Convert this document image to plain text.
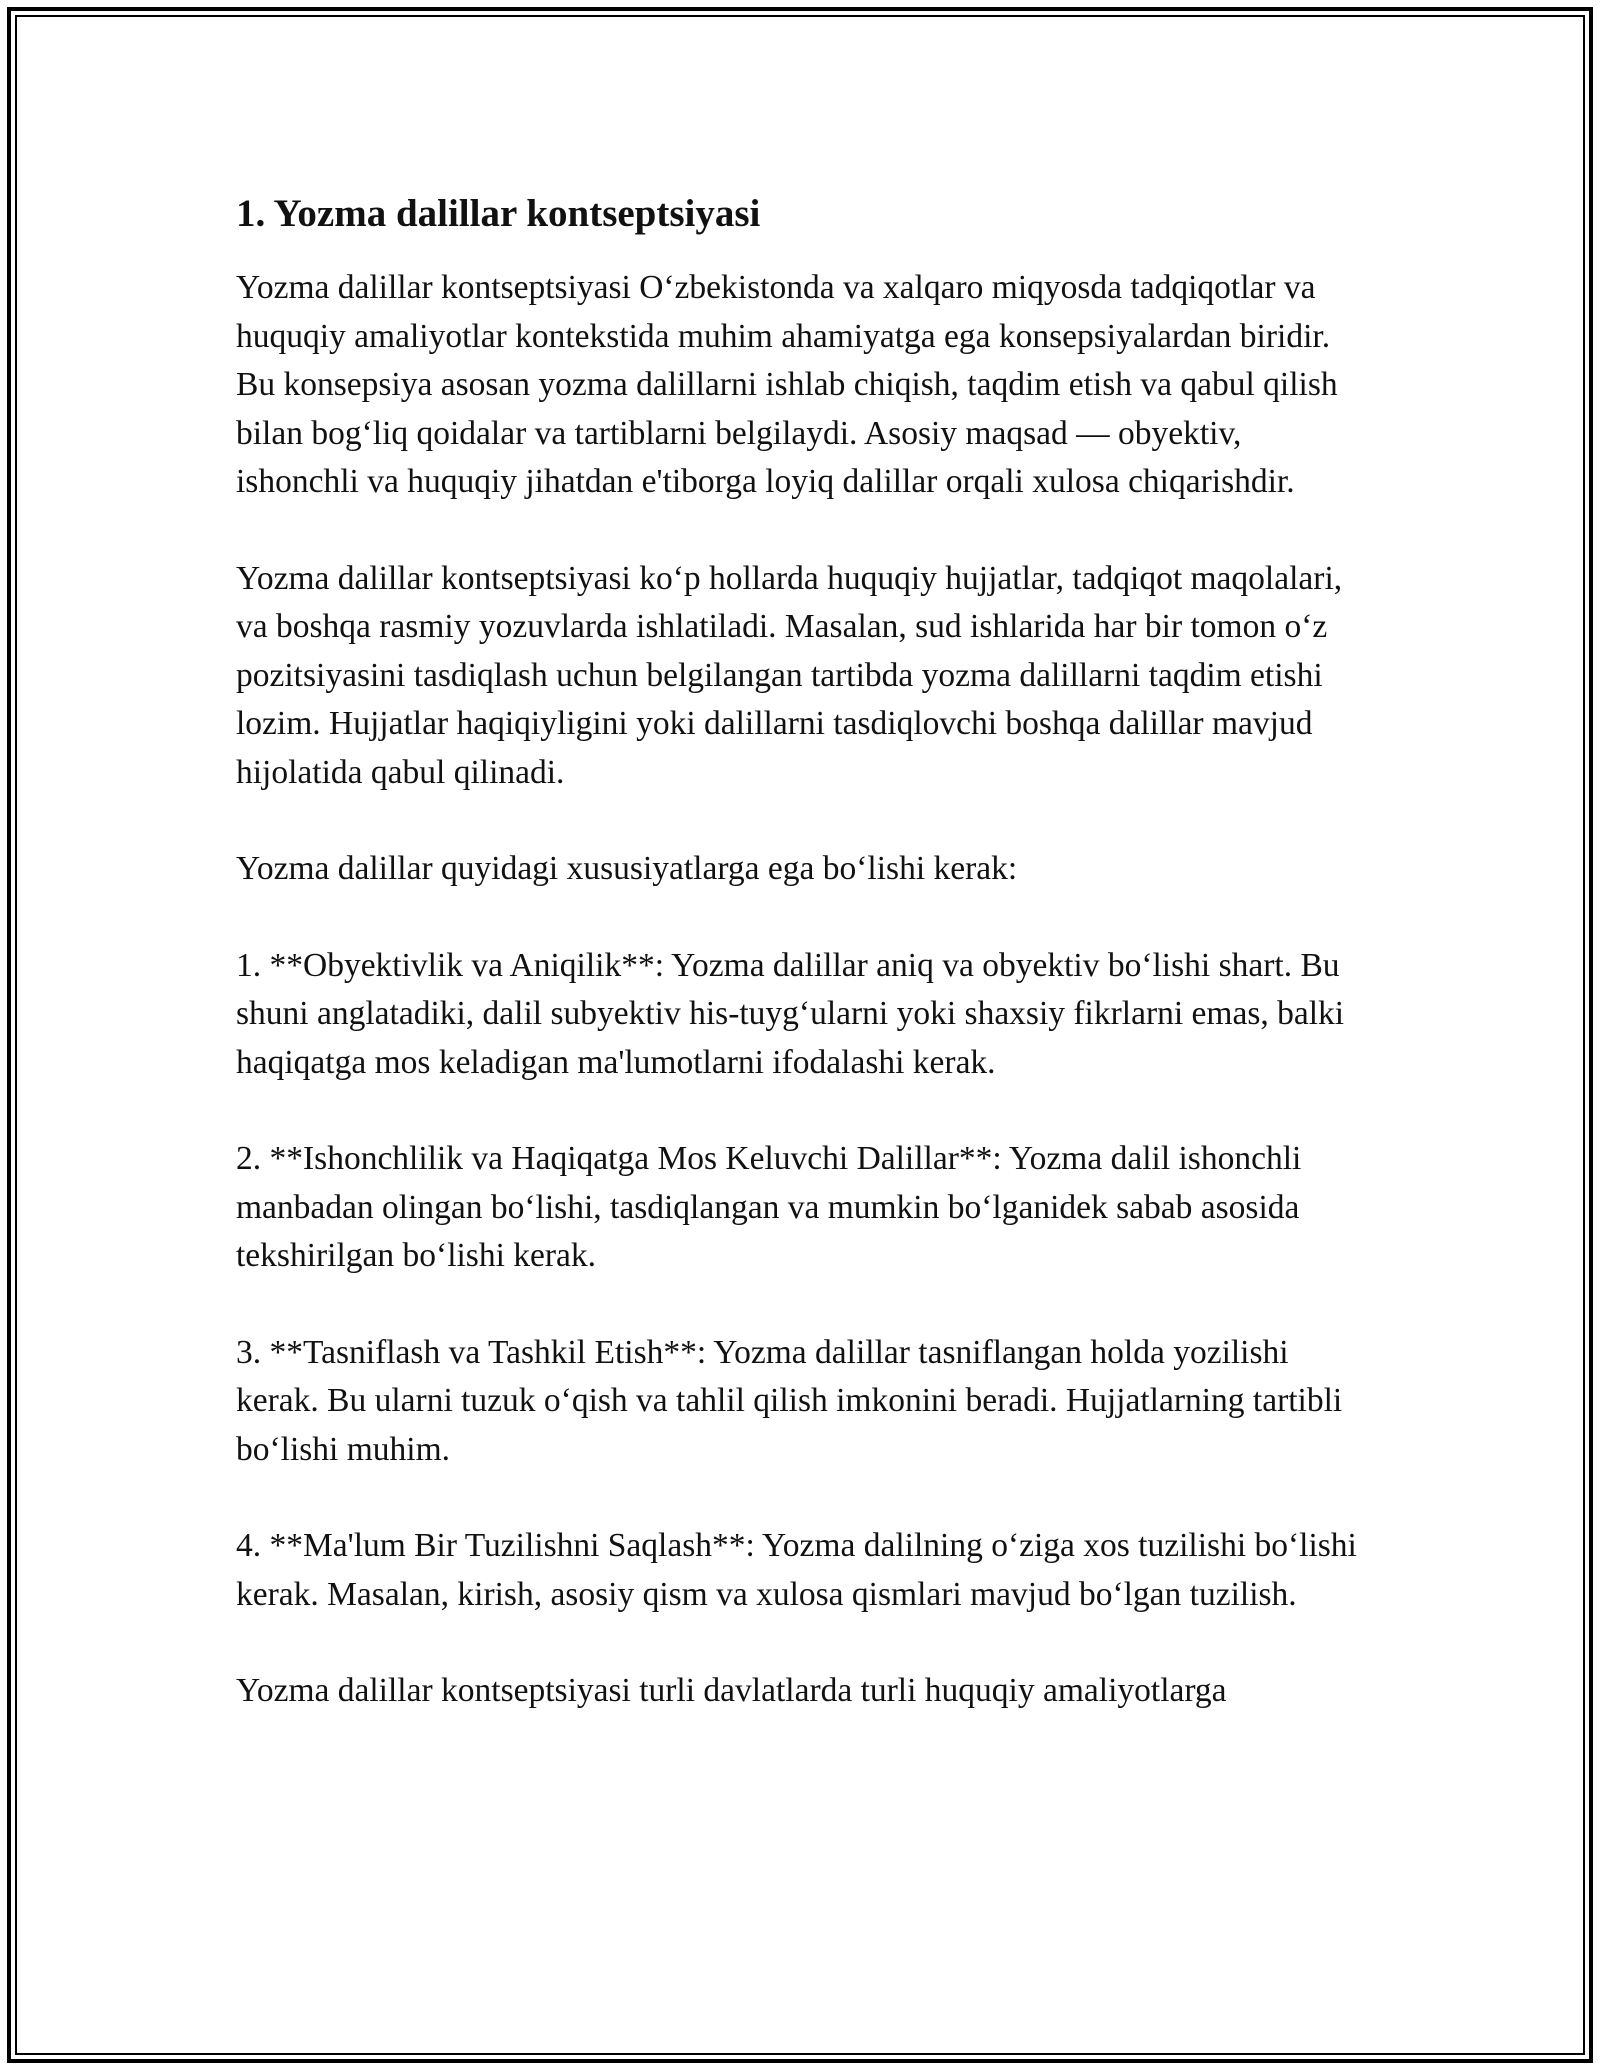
1. Yozma dalillar kontseptsiyasi

Yozma dalillar kontseptsiyasi O‘zbekistonda va xalqaro miqyosda tadqiqotlar va huquqiy amaliyotlar kontekstida muhim ahamiyatga ega konsepsiyalardan biridir. Bu konsepsiya asosan yozma dalillarni ishlab chiqish, taqdim etish va qabul qilish bilan bog‘liq qoidalar va tartiblarni belgilaydi. Asosiy maqsad — obyektiv, ishonchli va huquqiy jihatdan e'tiborga loyiq dalillar orqali xulosa chiqarishdir.

Yozma dalillar kontseptsiyasi ko‘p hollarda huquqiy hujjatlar, tadqiqot maqolalari, va boshqa rasmiy yozuvlarda ishlatiladi. Masalan, sud ishlarida har bir tomon o‘z pozitsiyasini tasdiqlash uchun belgilangan tartibda yozma dalillarni taqdim etishi lozim. Hujjatlar haqiqiyligini yoki dalillarni tasdiqlovchi boshqa dalillar mavjud hijolatida qabul qilinadi.

Yozma dalillar quyidagi xususiyatlarga ega bo‘lishi kerak:

1. **Obyektivlik va Aniqilik**: Yozma dalillar aniq va obyektiv bo‘lishi shart. Bu shuni anglatadiki, dalil subyektiv his-tuyg‘ularni yoki shaxsiy fikrlarni emas, balki haqiqatga mos keladigan ma'lumotlarni ifodalashi kerak.

2. **Ishonchlilik va Haqiqatga Mos Keluvchi Dalillar**: Yozma dalil ishonchli manbadan olingan bo‘lishi, tasdiqlangan va mumkin bo‘lganidek sabab asosida tekshirilgan bo‘lishi kerak.

3. **Tasniflash va Tashkil Etish**: Yozma dalillar tasniflangan holda yozilishi kerak. Bu ularni tuzuk o‘qish va tahlil qilish imkonini beradi. Hujjatlarning tartibli bo‘lishi muhim.

4. **Ma'lum Bir Tuzilishni Saqlash**: Yozma dalilning o‘ziga xos tuzilishi bo‘lishi kerak. Masalan, kirish, asosiy qism va xulosa qismlari mavjud bo‘lgan tuzilish.

Yozma dalillar kontseptsiyasi turli davlatlarda turli huquqiy amaliyotlarga
